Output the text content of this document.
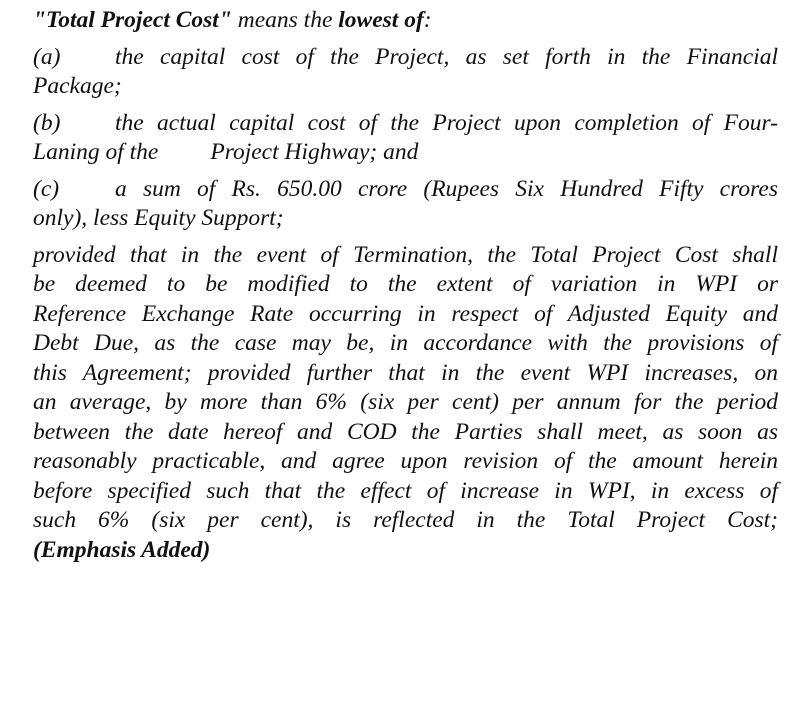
"Total Project Cost" means the lowest of:
(a) the capital cost of the Project, as set forth in the Financial
Package;
(b) the actual capital cost of the Project upon completion of Four-
Laning of the Project Highway; and
(c) a sum of Rs. 650.00 crore (Rupees Six Hundred Fifty crores
only), less Equity Support;
provided that in the event of Termination, the Total Project Cost shall
be deemed to be modified to the extent of variation in WPI or
Reference Exchange Rate occurring in respect of Adjusted Equity and
Debt Due, as the case may be, in accordance with the provisions of
this Agreement; provided further that in the event WPI increases, on
an average, by more than 6% (six per cent) per annum for the period
between the date hereof and COD the Parties shall meet, as soon as
reasonably practicable, and agree upon revision of the amount herein
before specified such that the effect of increase in WPI, in excess of
such 6% (six per cent), is reflected in the Total Project Cost;
(Emphasis Added)
